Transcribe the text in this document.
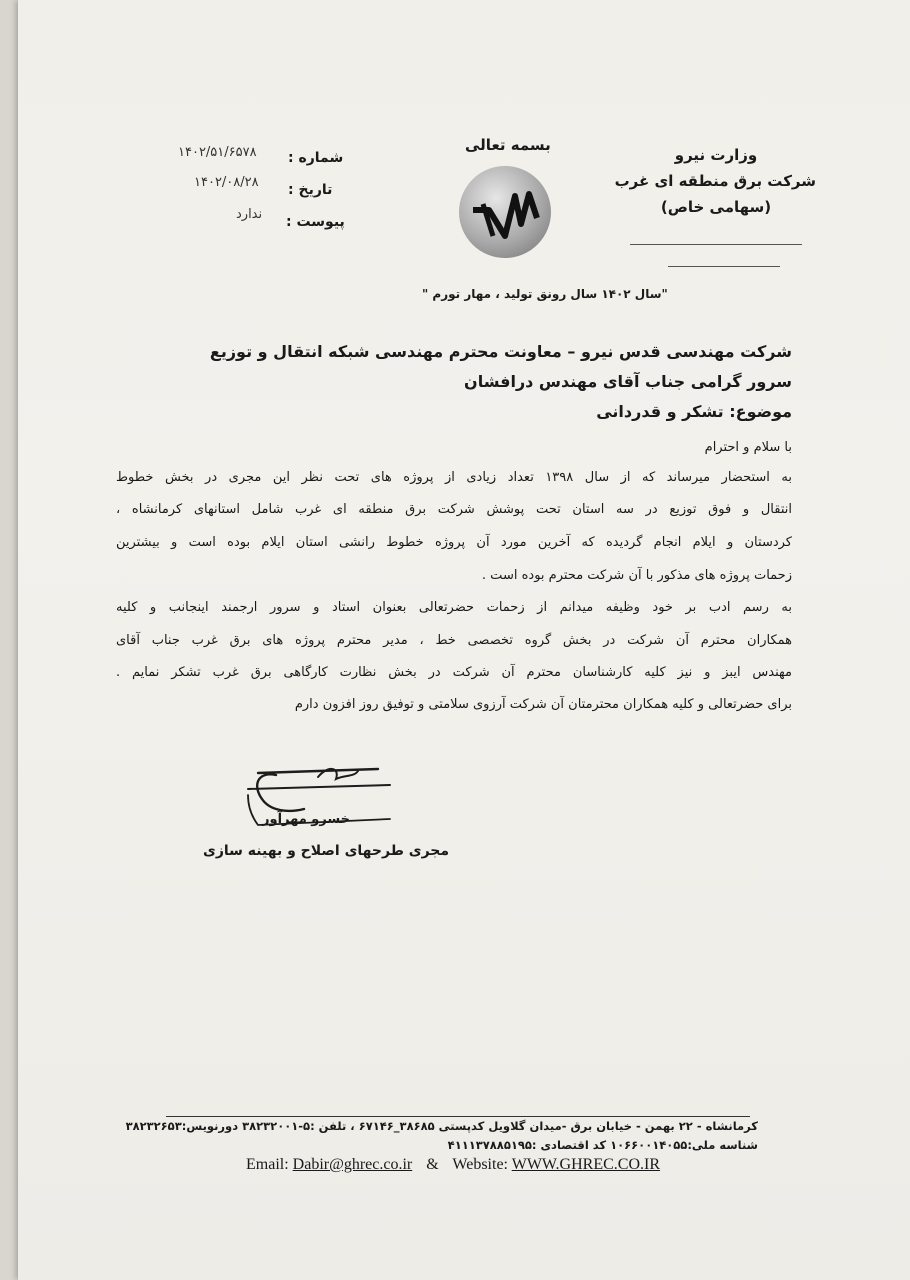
بسمه تعالی
وزارت نیرو
شرکت برق منطقه ای غرب
(سهامی خاص)
شماره :
۱۴۰۲/۵۱/۶۵۷۸
تاریخ :
۱۴۰۲/۰۸/۲۸
پیوست :
ندارد
"سال ۱۴۰۲ سال رونق تولید ، مهار تورم "
شرکت مهندسی قدس نیرو – معاونت محترم مهندسی شبکه انتقال و توزیع
سرور گرامی جناب آقای مهندس درافشان
موضوع: تشکر و قدردانی
با سلام و احترام
به استحضار میرساند که از سال ۱۳۹۸ تعداد زیادی از پروژه های تحت نظر این مجری در بخش خطوط
انتقال و فوق توزیع در سه استان تحت پوشش شرکت برق منطقه ای غرب شامل استانهای کرمانشاه ،
کردستان و ایلام انجام گردیده که آخرین مورد آن پروژه خطوط رانشی استان ایلام بوده است و بیشترین
زحمات پروژه های مذکور با آن شرکت محترم بوده است .
به رسم ادب بر خود وظیفه میدانم از زحمات حضرتعالی بعنوان استاد و سرور ارجمند اینجانب و کلیه
همکاران محترم آن شرکت در بخش گروه تخصصی خط ، مدیر محترم پروژه های برق غرب جناب آقای
مهندس ایبز و نیز کلیه کارشناسان محترم آن شرکت در بخش نظارت کارگاهی برق غرب تشکر نمایم .
برای حضرتعالی و کلیه همکاران محترمتان آن شرکت آرزوی سلامتی و توفیق روز افزون دارم
خسرو مهرآور
مجری طرحهای اصلاح و بهینه سازی
کرمانشاه - ۲۲ بهمن - خیابان برق -میدان گلاویل کدپستی ۳۸۶۸۵_۶۷۱۴۶ ، تلفن :۵-۳۸۲۳۲۰۰۱ دورنویس:۳۸۲۳۲۶۵۳
شناسه ملی:۱۰۶۶۰۰۱۴۰۵۵ کد اقتصادی :۴۱۱۱۳۷۸۸۵۱۹۵
Email: Dabir@ghrec.co.ir & Website: WWW.GHREC.CO.IR
